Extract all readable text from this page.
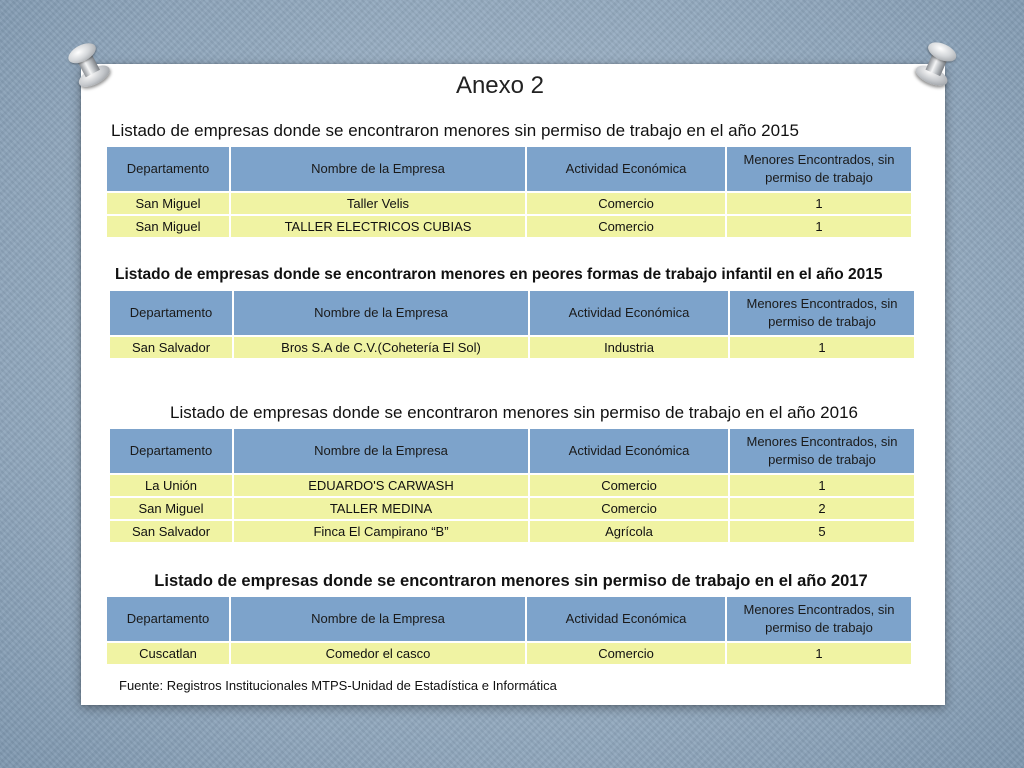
Anexo 2
Listado de empresas donde se encontraron menores sin permiso de trabajo en el año 2015
Departamento	Nombre de la Empresa	Actividad Económica	Menores Encontrados, sin permiso de trabajo
San Miguel	Taller Velis	Comercio	1
San Miguel	TALLER ELECTRICOS CUBIAS	Comercio	1
Listado de empresas donde se encontraron menores en peores formas de trabajo infantil en el año 2015
Departamento	Nombre de la Empresa	Actividad Económica	Menores Encontrados, sin permiso de trabajo
San Salvador	Bros S.A de C.V.(Cohetería El Sol)	Industria	1
Listado de empresas donde se encontraron menores sin permiso de trabajo en el año 2016
Departamento	Nombre de la Empresa	Actividad Económica	Menores Encontrados, sin permiso de trabajo
La Unión	EDUARDO'S CARWASH	Comercio	1
San Miguel	TALLER MEDINA	Comercio	2
San Salvador	Finca El Campirano “B”	Agrícola	5
Listado de empresas donde se encontraron menores sin permiso de trabajo en el año 2017
Departamento	Nombre de la Empresa	Actividad Económica	Menores Encontrados, sin permiso de trabajo
Cuscatlan	Comedor el casco	Comercio	1
Fuente: Registros Institucionales MTPS-Unidad de Estadística e Informática
